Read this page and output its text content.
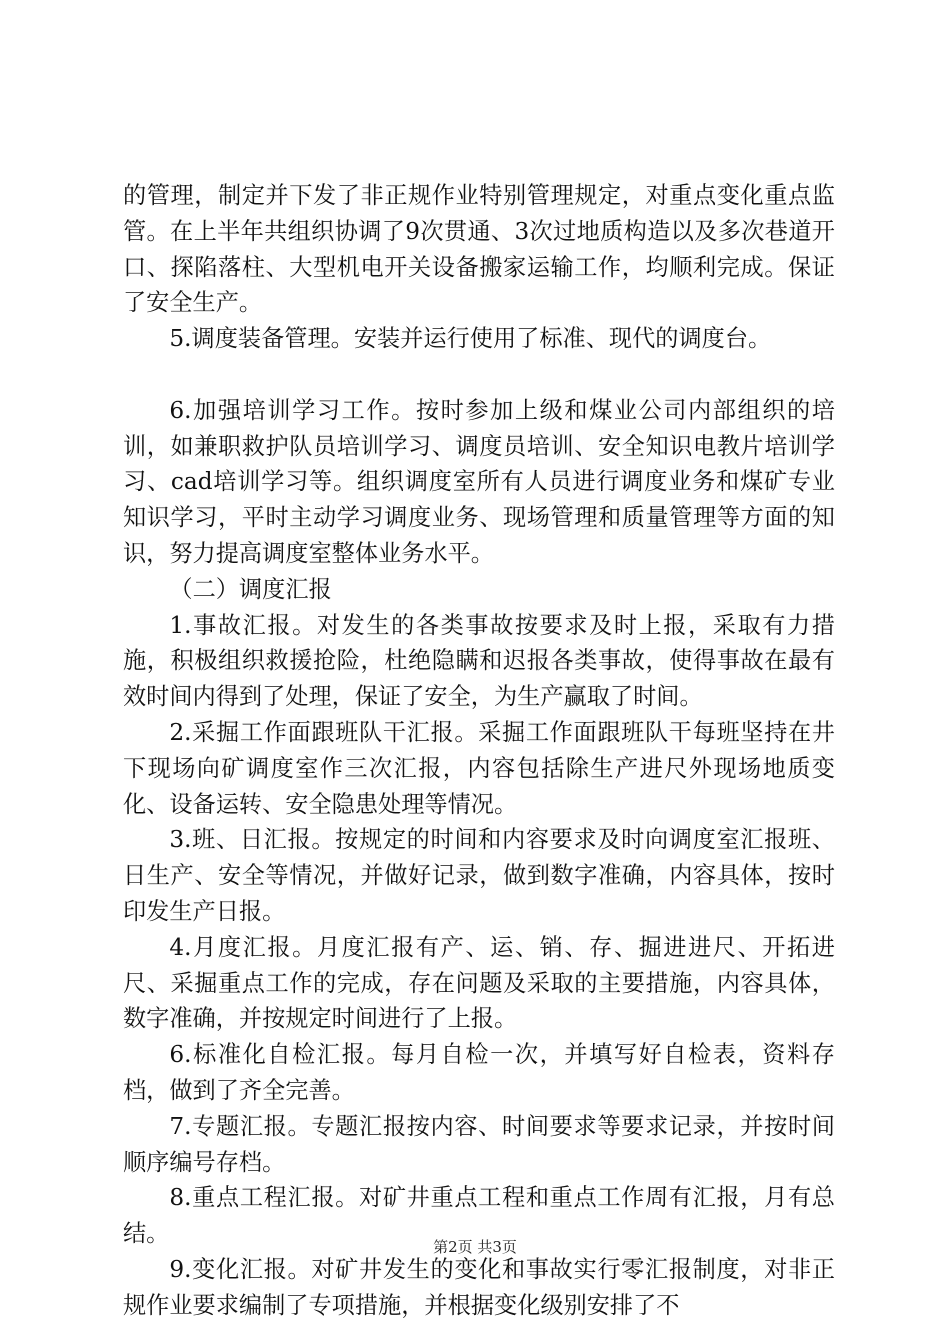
的管理，制定并下发了非正规作业特别管理规定，对重点变化重点监管。在上半年共组织协调了9次贯通、3次过地质构造以及多次巷道开口、探陷落柱、大型机电开关设备搬家运输工作，均顺利完成。保证了安全生产。

5.调度装备管理。安装并运行使用了标准、现代的调度台。

6.加强培训学习工作。按时参加上级和煤业公司内部组织的培训，如兼职救护队员培训学习、调度员培训、安全知识电教片培训学习、cad培训学习等。组织调度室所有人员进行调度业务和煤矿专业知识学习，平时主动学习调度业务、现场管理和质量管理等方面的知识，努力提高调度室整体业务水平。

（二）调度汇报

1.事故汇报。对发生的各类事故按要求及时上报，采取有力措施，积极组织救援抢险，杜绝隐瞒和迟报各类事故，使得事故在最有效时间内得到了处理，保证了安全，为生产赢取了时间。

2.采掘工作面跟班队干汇报。采掘工作面跟班队干每班坚持在井下现场向矿调度室作三次汇报，内容包括除生产进尺外现场地质变化、设备运转、安全隐患处理等情况。

3.班、日汇报。按规定的时间和内容要求及时向调度室汇报班、日生产、安全等情况，并做好记录，做到数字准确，内容具体，按时印发生产日报。

4.月度汇报。月度汇报有产、运、销、存、掘进进尺、开拓进尺、采掘重点工作的完成，存在问题及采取的主要措施，内容具体，数字准确，并按规定时间进行了上报。

6.标准化自检汇报。每月自检一次，并填写好自检表，资料存档，做到了齐全完善。

7.专题汇报。专题汇报按内容、时间要求等要求记录，并按时间顺序编号存档。

8.重点工程汇报。对矿井重点工程和重点工作周有汇报，月有总结。

9.变化汇报。对矿井发生的变化和事故实行零汇报制度，对非正规作业要求编制了专项措施，并根据变化级别安排了不

第2页 共3页
